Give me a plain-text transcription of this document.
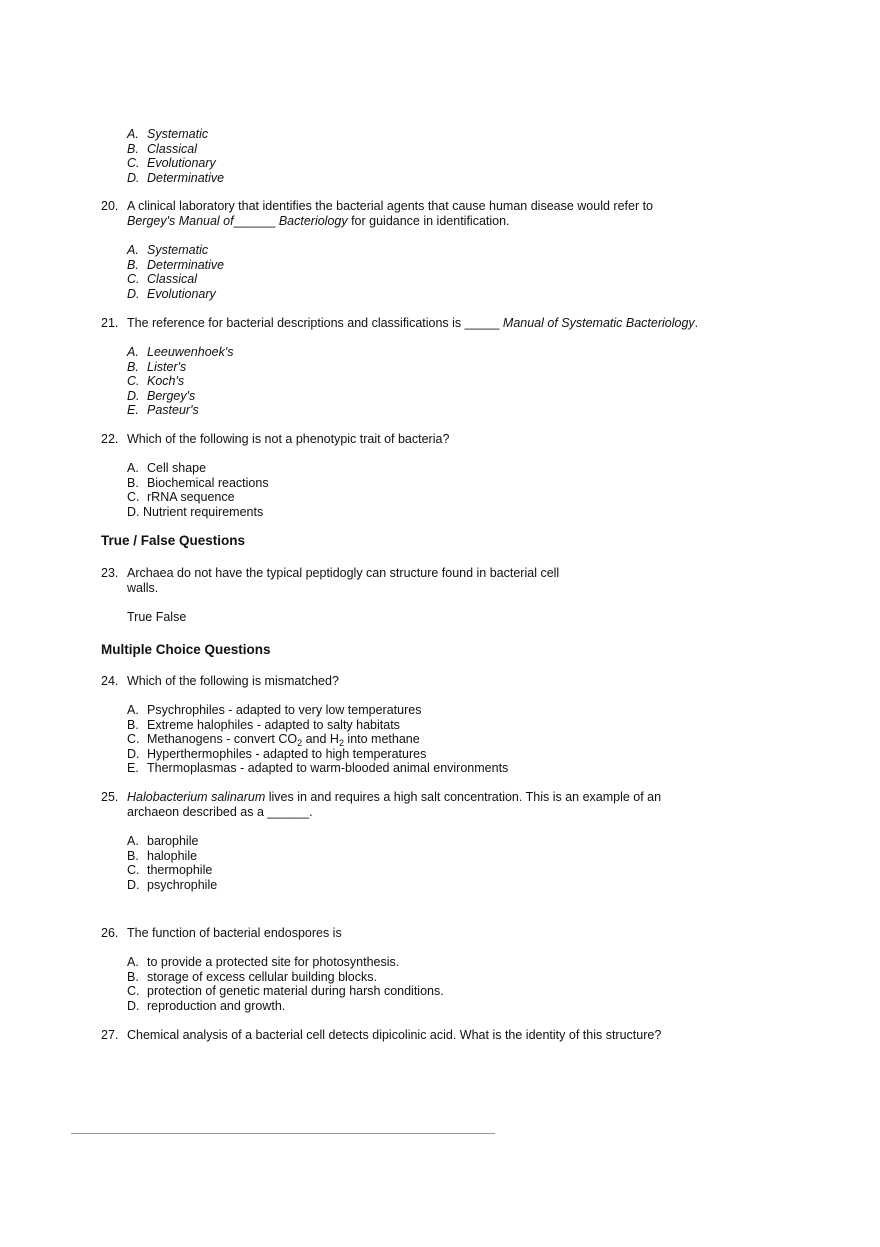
A. Systematic
B. Classical
C. Evolutionary
D. Determinative
20. A clinical laboratory that identifies the bacterial agents that cause human disease would refer to
Bergey's Manual of______ Bacteriology for guidance in identification.
A. Systematic
B. Determinative
C. Classical
D. Evolutionary
21. The reference for bacterial descriptions and classifications is _____ Manual of Systematic Bacteriology.
A. Leeuwenhoek's
B. Lister's
C. Koch's
D. Bergey's
E. Pasteur's
22. Which of the following is not a phenotypic trait of bacteria?
A. Cell shape
B. Biochemical reactions
C. rRNA sequence
D. Nutrient requirements
True / False Questions
23. Archaea do not have the typical peptidogly can structure found in bacterial cell
walls.
True False
Multiple Choice Questions
24. Which of the following is mismatched?
A. Psychrophiles - adapted to very low temperatures
B. Extreme halophiles - adapted to salty habitats
C. Methanogens - convert $CO_2$ and $H_2$ into methane
D. Hyperthermophiles - adapted to high temperatures
E. Thermoplasmas - adapted to warm-blooded animal environments
25. Halobacterium salinarum lives in and requires a high salt concentration. This is an example of an
archaeon described as a ______.
A. barophile
B. halophile
C. thermophile
D. psychrophile
26. The function of bacterial endospores is
A. to provide a protected site for photosynthesis.
B. storage of excess cellular building blocks.
C. protection of genetic material during harsh conditions.
D. reproduction and growth.
27. Chemical analysis of a bacterial cell detects dipicolinic acid. What is the identity of this structure?
